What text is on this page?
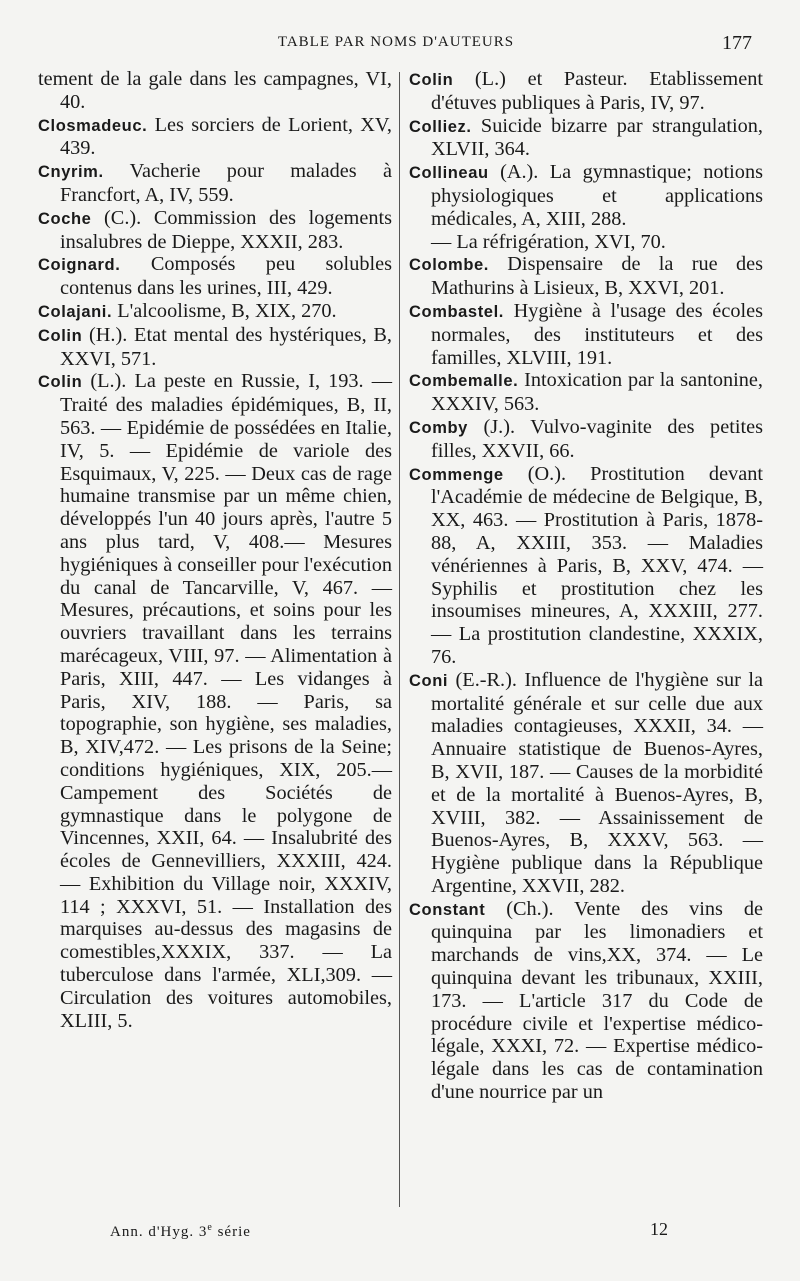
TABLE PAR NOMS D'AUTEURS	177

tement de la gale dans les campagnes, VI, 40.

Closmadeuc. Les sorciers de Lorient, XV, 439.

Cnyrim. Vacherie pour malades à Francfort, A, IV, 559.

Coche (C.). Commission des logements insalubres de Dieppe, XXXII, 283.

Coignard. Composés peu solubles contenus dans les urines, III, 429.

Colajani. L'alcoolisme, B, XIX, 270.

Colin (H.). Etat mental des hystériques, B, XXVI, 571.

Colin (L.). La peste en Russie, I, 193. — Traité des maladies épidémiques, B, II, 563. — Epidémie de possédées en Italie, IV, 5. — Epidémie de variole des Esquimaux, V, 225. — Deux cas de rage humaine transmise par un même chien, développés l'un 40 jours après, l'autre 5 ans plus tard, V, 408.— Mesures hygiéniques à conseiller pour l'exécution du canal de Tancarville, V, 467. — Mesures, précautions, et soins pour les ouvriers travaillant dans les terrains marécageux, VIII, 97. — Alimentation à Paris, XIII, 447. — Les vidanges à Paris, XIV, 188. — Paris, sa topographie, son hygiène, ses maladies, B, XIV,472. — Les prisons de la Seine; conditions hygiéniques, XIX, 205.— Campement des Sociétés de gymnastique dans le polygone de Vincennes, XXII, 64. — Insalubrité des écoles de Gennevilliers, XXXIII, 424. — Exhibition du Village noir, XXXIV, 114 ; XXXVI, 51. — Installation des marquises au-dessus des magasins de comestibles,XXXIX, 337. — La tuberculose dans l'armée, XLI,309. — Circulation des voitures automobiles, XLIII, 5.

Colin (L.) et Pasteur. Etablissement d'étuves publiques à Paris, IV, 97.

Colliez. Suicide bizarre par strangulation, XLVII, 364.

Collineau (A.). La gymnastique; notions physiologiques et applications médicales, A, XIII, 288.

— La réfrigération, XVI, 70.

Colombe. Dispensaire de la rue des Mathurins à Lisieux, B, XXVI, 201.

Combastel. Hygiène à l'usage des écoles normales, des instituteurs et des familles, XLVIII, 191.

Combemalle. Intoxication par la santonine, XXXIV, 563.

Comby (J.). Vulvo-vaginite des petites filles, XXVII, 66.

Commenge (O.). Prostitution devant l'Académie de médecine de Belgique, B, XX, 463. — Prostitution à Paris, 1878-88, A, XXIII, 353. — Maladies vénériennes à Paris, B, XXV, 474. — Syphilis et prostitution chez les insoumises mineures, A, XXXIII, 277. — La prostitution clandestine, XXXIX, 76.

Coni (E.-R.). Influence de l'hygiène sur la mortalité générale et sur celle due aux maladies contagieuses, XXXII, 34. — Annuaire statistique de Buenos-Ayres, B, XVII, 187. — Causes de la morbidité et de la mortalité à Buenos-Ayres, B, XVIII, 382. — Assainissement de Buenos-Ayres, B, XXXV, 563. — Hygiène publique dans la République Argentine, XXVII, 282.

Constant (Ch.). Vente des vins de quinquina par les limonadiers et marchands de vins,XX, 374. — Le quinquina devant les tribunaux, XXIII, 173. — L'article 317 du Code de procédure civile et l'expertise médico-légale, XXXI, 72. — Expertise médico-légale dans les cas de contamination d'une nourrice par un

Ann. d'Hyg. 3e série	12
